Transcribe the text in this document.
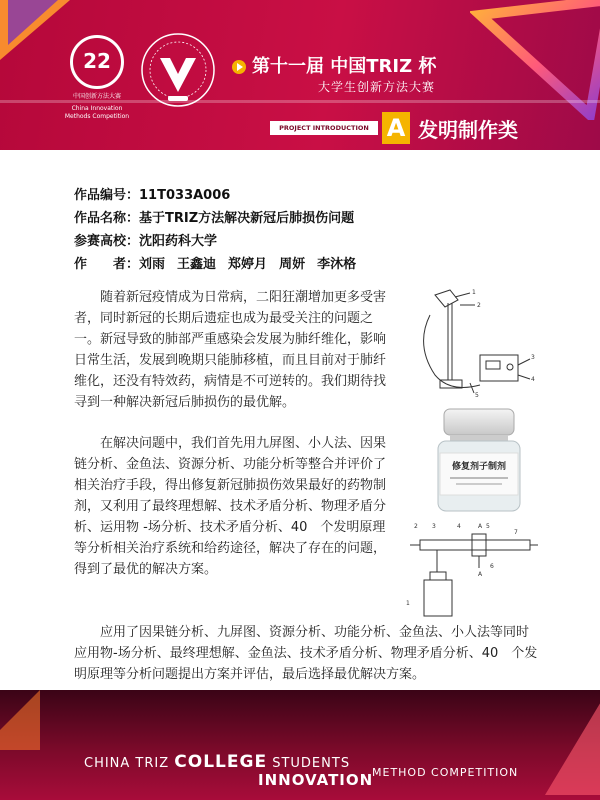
22
中国创新方法大赛
China Innovation Methods Competition
第十一届 中国TRIZ 杯
大学生创新方法大赛
PROJECT INTRODUCTION A 发明制作类
作品编号：11T033A006
作品名称：基于TRIZ方法解决新冠后肺损伤问题
参赛高校：沈阳药科大学
作　　者：刘雨 王鑫迪 郑婷月 周妍 李沐格
随着新冠疫情成为日常病，二阳狂潮增加更多受害者，同时新冠的长期后遗症也成为最受关注的问题之一。新冠导致的肺部严重感染会发展为肺纤维化，影响日常生活，发展到晚期只能肺移植，而且目前对于肺纤维化，还没有特效药，病情是不可逆转的。我们期待找寻到一种解决新冠后肺损伤的最优解。
在解决问题中，我们首先用九屏图、小人法、因果链分析、金鱼法、资源分析、功能分析等整合并评价了相关治疗手段，得出修复新冠肺损伤效果最好的药物制剂，又利用了最终理想解、技术矛盾分析、物理矛盾分析、运用物 -场分析、技术矛盾分析、40　个发明原理等分析相关治疗系统和给药途径，解决了存在的问题，得到了最优的解决方案。
应用了因果链分析、九屏图、资源分析、功能分析、金鱼法、小人法等同时应用物-场分析、最终理想解、金鱼法、技术矛盾分析、物理矛盾分析、40　个发明原理等分析问题提出方案并评估，最后选择最优解决方案。
1
2
3
4
5
修复剂子制剂
2 3	4	A 5
7
6
A
1
CHINA TRIZ COLLEGE STUDENTS
INNOVATION
METHOD COMPETITION
